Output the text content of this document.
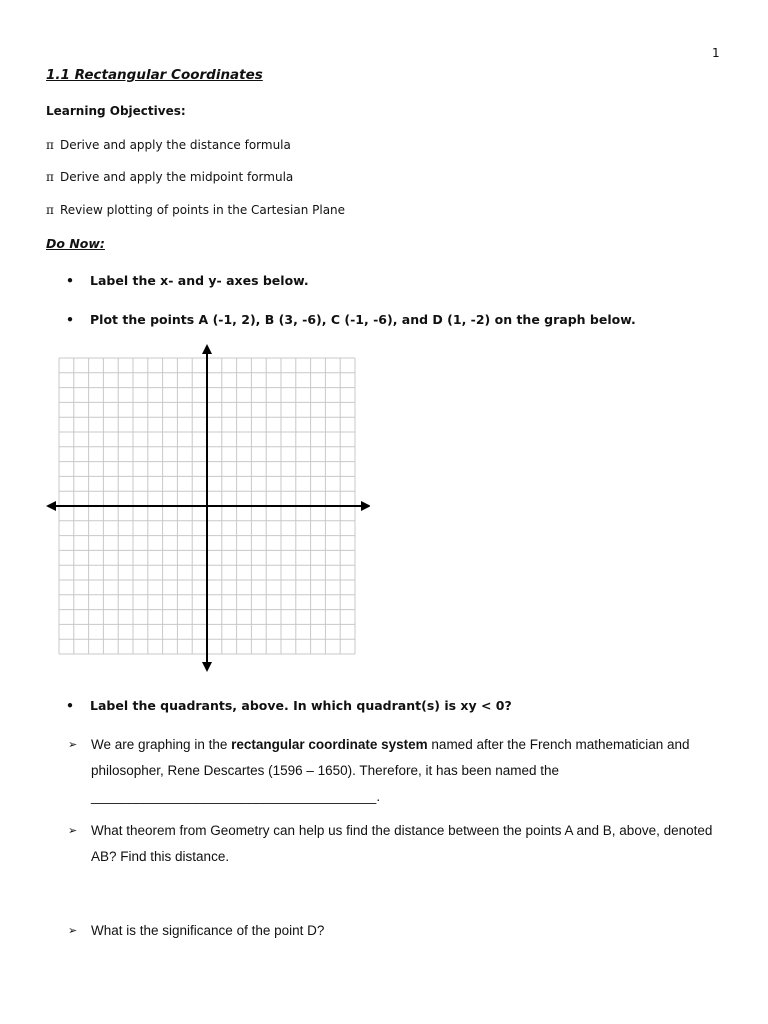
1
1.1 Rectangular Coordinates
Learning Objectives:
π Derive and apply the distance formula
π Derive and apply the midpoint formula
π Review plotting of points in the Cartesian Plane
Do Now:
• Label the x- and y- axes below.
• Plot the points A (-1, 2), B (3, -6), C (-1, -6), and D (1, -2) on the graph below.
• Label the quadrants, above. In which quadrant(s) is xy < 0?
➢	We are graphing in the rectangular coordinate system named after the French mathematician and philosopher, Rene Descartes (1596 – 1650). Therefore, it has been named the ______________________________________.
➢	What theorem from Geometry can help us find the distance between the points A and B, above, denoted AB? Find this distance.
➢	What is the significance of the point D?
